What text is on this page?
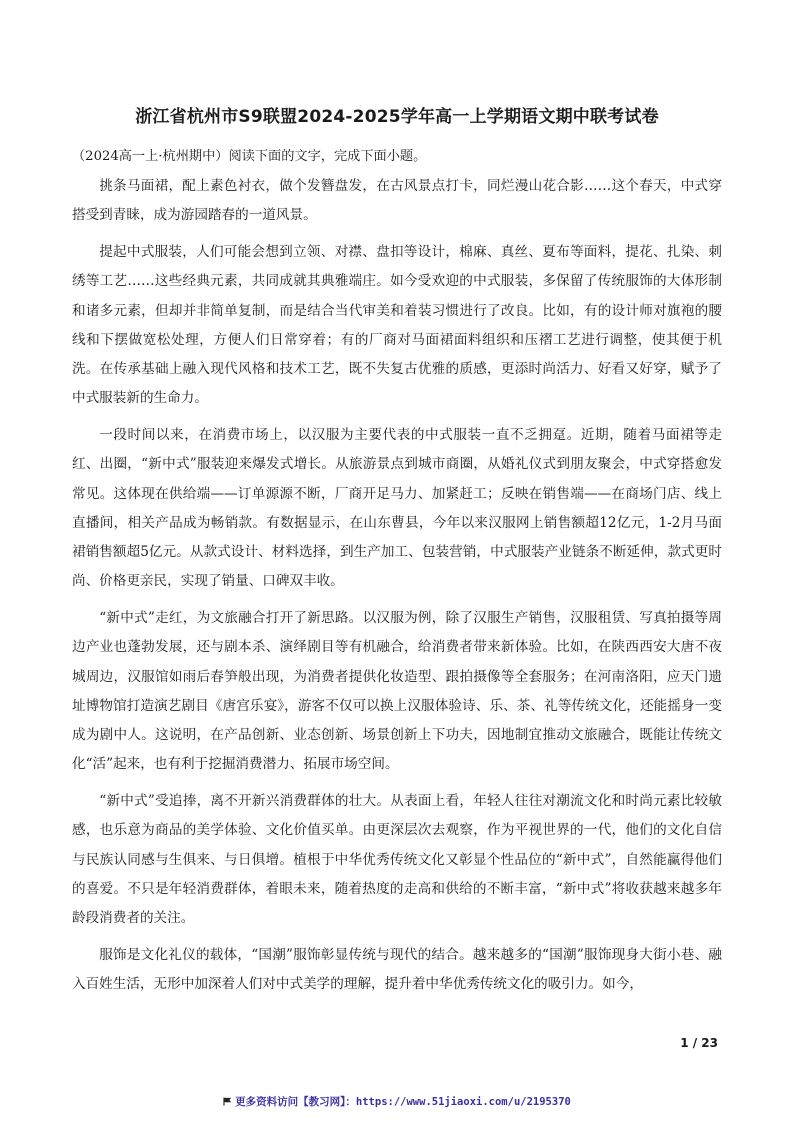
浙江省杭州市S9联盟2024-2025学年高一上学期语文期中联考试卷

（2024高一上·杭州期中）阅读下面的文字，完成下面小题。

挑条马面裙，配上素色衬衣，做个发簪盘发，在古风景点打卡，同烂漫山花合影……这个春天，中式穿搭受到青睐，成为游园踏春的一道风景。

提起中式服装，人们可能会想到立领、对襟、盘扣等设计，棉麻、真丝、夏布等面料，提花、扎染、刺绣等工艺……这些经典元素，共同成就其典雅端庄。如今受欢迎的中式服装，多保留了传统服饰的大体形制和诸多元素，但却并非简单复制，而是结合当代审美和着装习惯进行了改良。比如，有的设计师对旗袍的腰线和下摆做宽松处理，方便人们日常穿着；有的厂商对马面裙面料组织和压褶工艺进行调整，使其便于机洗。在传承基础上融入现代风格和技术工艺，既不失复古优雅的质感，更添时尚活力、好看又好穿，赋予了中式服装新的生命力。

一段时间以来，在消费市场上，以汉服为主要代表的中式服装一直不乏拥趸。近期，随着马面裙等走红、出圈，“新中式”服装迎来爆发式增长。从旅游景点到城市商圈，从婚礼仪式到朋友聚会，中式穿搭愈发常见。这体现在供给端——订单源源不断，厂商开足马力、加紧赶工；反映在销售端——在商场门店、线上直播间，相关产品成为畅销款。有数据显示，在山东曹县，今年以来汉服网上销售额超12亿元，1-2月马面裙销售额超5亿元。从款式设计、材料选择，到生产加工、包装营销，中式服装产业链条不断延伸，款式更时尚、价格更亲民，实现了销量、口碑双丰收。

“新中式”走红，为文旅融合打开了新思路。以汉服为例，除了汉服生产销售，汉服租赁、写真拍摄等周边产业也蓬勃发展，还与剧本杀、演绎剧目等有机融合，给消费者带来新体验。比如，在陕西西安大唐不夜城周边，汉服馆如雨后春笋般出现，为消费者提供化妆造型、跟拍摄像等全套服务；在河南洛阳，应天门遗址博物馆打造演艺剧目《唐宫乐宴》，游客不仅可以换上汉服体验诗、乐、茶、礼等传统文化，还能摇身一变成为剧中人。这说明，在产品创新、业态创新、场景创新上下功夫，因地制宜推动文旅融合，既能让传统文化“活”起来，也有利于挖掘消费潜力、拓展市场空间。

“新中式”受追捧，离不开新兴消费群体的壮大。从表面上看，年轻人往往对潮流文化和时尚元素比较敏感，也乐意为商品的美学体验、文化价值买单。由更深层次去观察，作为平视世界的一代，他们的文化自信与民族认同感与生俱来、与日俱增。植根于中华优秀传统文化又彰显个性品位的“新中式”，自然能赢得他们的喜爱。不只是年轻消费群体，着眼未来，随着热度的走高和供给的不断丰富，“新中式”将收获越来越多年龄段消费者的关注。

服饰是文化礼仪的载体，“国潮”服饰彰显传统与现代的结合。越来越多的“国潮”服饰现身大街小巷、融入百姓生活，无形中加深着人们对中式美学的理解，提升着中华优秀传统文化的吸引力。如今，

1 / 23

更多资料访问【教习网】：https://www.51jiaoxi.com/u/2195370
